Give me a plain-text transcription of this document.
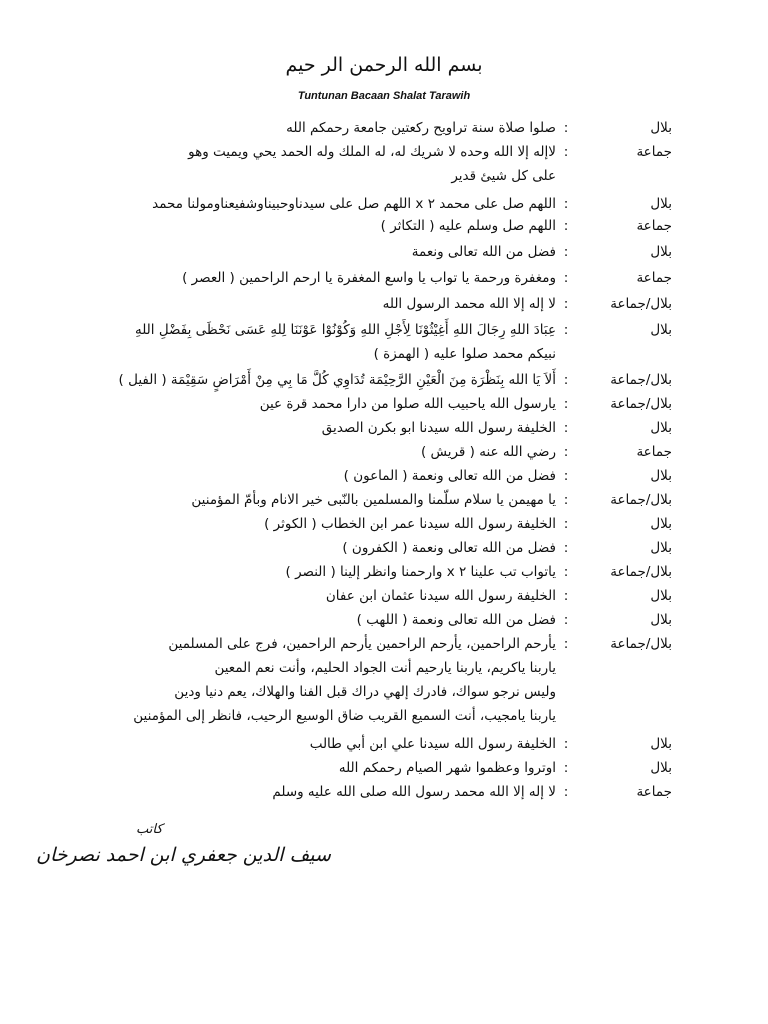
بسم الله الرحمن الر حيم
Tuntunan Bacaan Shalat Tarawih
بلال
:
صلوا صلاة سنة تراويح ركعتين جامعة رحمكم الله
جماعة
:
لاإله إلا الله وحده لا شريك له، له الملك وله الحمد يحي ويميت وهو
على كل شيئ قدير
بلال
:
اللهم صل على محمد ٢ x اللهم صل على سيدناوحبيناوشفيعناومولنا محمد
جماعة
:
اللهم صل وسلم عليه ( التكاثر )
بلال
:
فضل من الله تعالى ونعمة
جماعة
:
ومغفرة ورحمة يا تواب يا واسع المغفرة يا ارحم الراحمين ( العصر )
بلال/جماعة
:
لا إله إلا الله محمد الرسول الله
بلال
:
عِبَادَ اللهِ رِجَالَ اللهِ أَغِيْثُوْنَا لِأَجْلِ اللهِ وَكُوْنُوْا عَوْنَنَا لِلهِ عَسَى نَحْظَى بِفَضْلِ اللهِ
نبيكم محمد صلوا عليه ( الهمزة )
بلال/جماعة
:
أَلاَ يَا الله بِنَظْرَة مِنَ الْعَيْنِ الرَّحِيْمَة تُدَاوِي كُلَّ مَا بِي مِنْ أَمْرَاضٍ سَقِيْمَة ( الفيل )
بلال/جماعة
:
يارسول الله ياحبيب الله صلوا من دارا محمد قرة عين
بلال
:
الخليفة رسول الله سيدنا ابو بكرن الصديق
جماعة
:
رضي الله عنه ( قريش )
بلال
:
فضل من الله تعالى ونعمة ( الماعون )
بلال/جماعة
:
يا مهيمن يا سلام سلّمنا والمسلمين بالنّبى خير الانام وبأمّ المؤمنين
بلال
:
الخليفة رسول الله سيدنا عمر ابن الخطاب ( الكوثر )
بلال
:
فضل من الله تعالى ونعمة ( الكفرون )
بلال/جماعة
:
ياتواب تب علينا ٢ x وارحمنا وانظر إلينا ( النصر )
بلال
:
الخليفة رسول الله سيدنا عثمان ابن عفان
بلال
:
فضل من الله تعالى ونعمة ( اللهب )
بلال/جماعة
:
يأرحم الراحمين، يأرحم الراحمين يأرحم الراحمين، فرج على المسلمين
ياربنا ياكريم، ياربنا يارحيم أنت الجواد الحليم، وأنت نعم المعين
وليس نرجو سواك، فادرك إلهي دراك قبل الفنا والهلاك، يعم دنيا ودين
ياربنا يامجيب، أنت السميع القريب ضاق الوسيع الرحيب، فانظر إلى المؤمنين
بلال
:
الخليفة رسول الله سيدنا علي ابن أبي طالب
بلال
:
اوتروا وعظموا شهر الصيام رحمكم الله
جماعة
:
لا إله إلا الله محمد رسول الله صلى الله عليه وسلم
كاتب
سيف الدين جعفري ابن احمد نصرخان
